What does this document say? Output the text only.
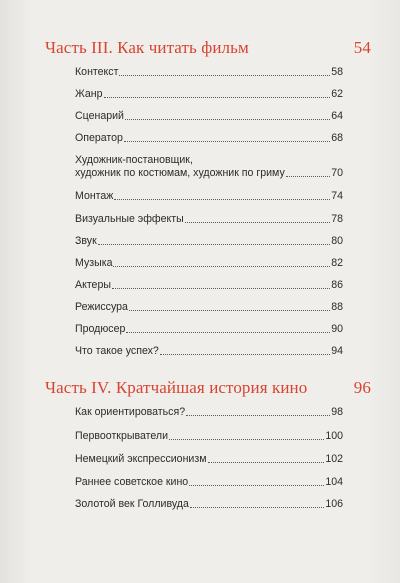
Часть III. Как читать фильм	54
Контекст	58
Жанр	62
Сценарий	64
Оператор	68
Художник-постановщик,
художник по костюмам, художник по гриму	70
Монтаж	74
Визуальные эффекты	78
Звук	80
Музыка	82
Актеры	86
Режиссура	88
Продюсер	90
Что такое успех?	94
Часть IV. Кратчайшая история кино	96
Как ориентироваться?	98
Первооткрыватели	100
Немецкий экспрессионизм	102
Раннее советское кино	104
Золотой век Голливуда	106
